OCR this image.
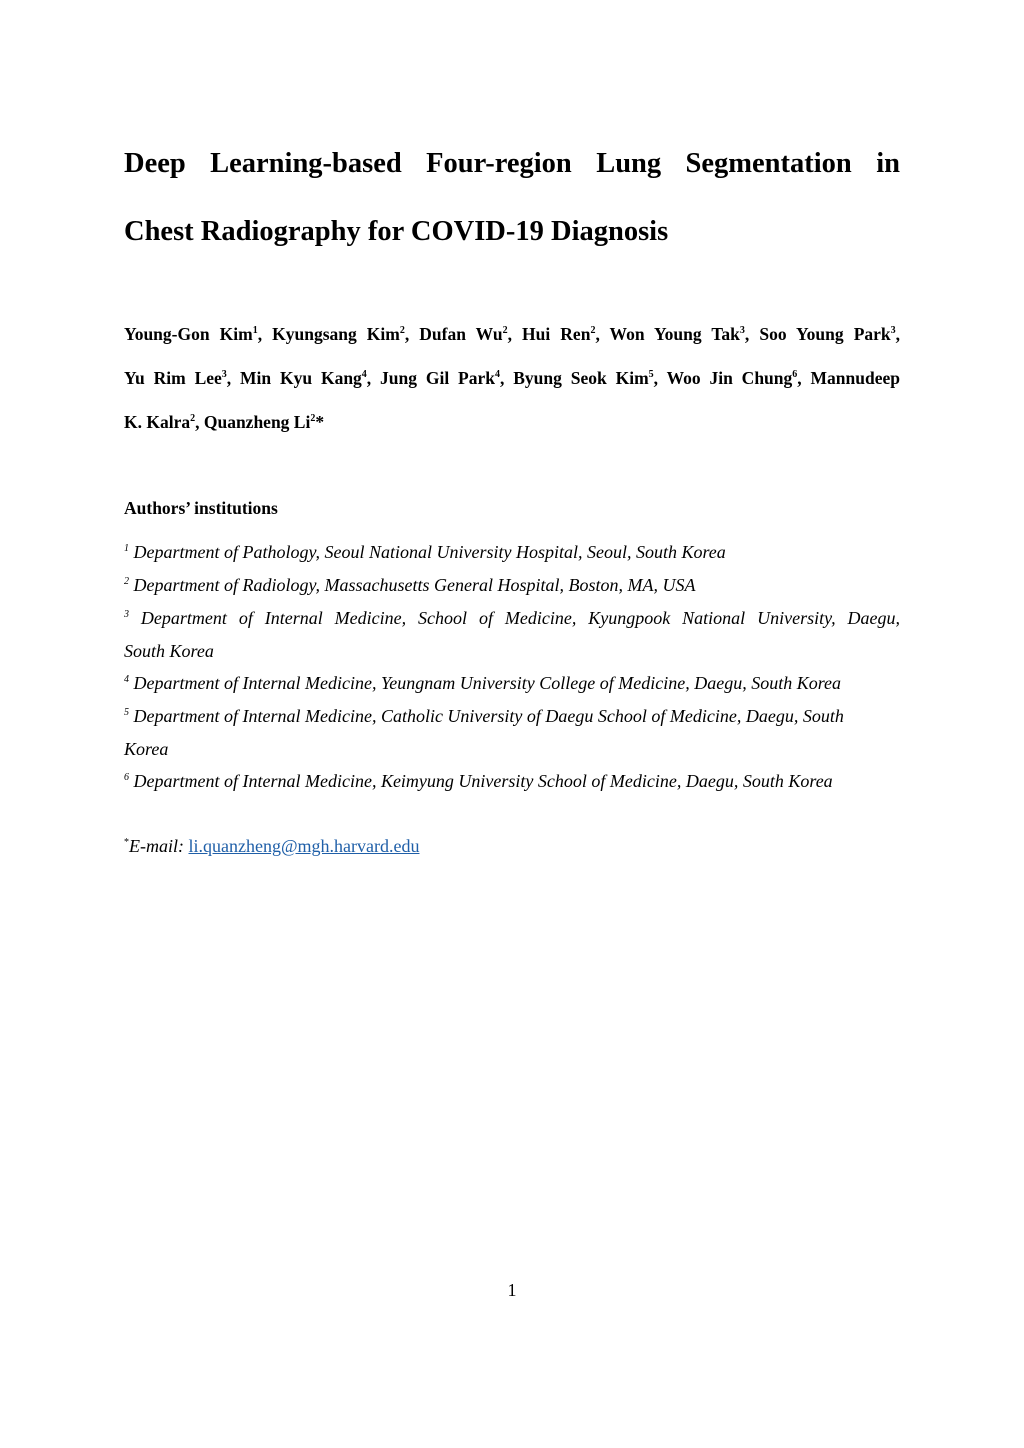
Deep Learning-based Four-region Lung Segmentation in
Chest Radiography for COVID-19 Diagnosis
Young-Gon Kim$^1$, Kyungsang Kim$^2$, Dufan Wu$^2$, Hui Ren$^2$, Won Young Tak$^3$, Soo Young Park$^3$,
Yu Rim Lee$^3$, Min Kyu Kang$^4$, Jung Gil Park$^4$, Byung Seok Kim$^5$, Woo Jin Chung$^6$, Mannudeep
K. Kalra$^2$, Quanzheng Li$^2$*
Authors’ institutions
$^1$ Department of Pathology, Seoul National University Hospital, Seoul, South Korea
$^2$ Department of Radiology, Massachusetts General Hospital, Boston, MA, USA
$^3$ Department of Internal Medicine, School of Medicine, Kyungpook National University, Daegu,
South Korea
$^4$ Department of Internal Medicine, Yeungnam University College of Medicine, Daegu, South Korea
$^5$ Department of Internal Medicine, Catholic University of Daegu School of Medicine, Daegu, South
Korea
$^6$ Department of Internal Medicine, Keimyung University School of Medicine, Daegu, South Korea
*E-mail: li.quanzheng@mgh.harvard.edu
1
